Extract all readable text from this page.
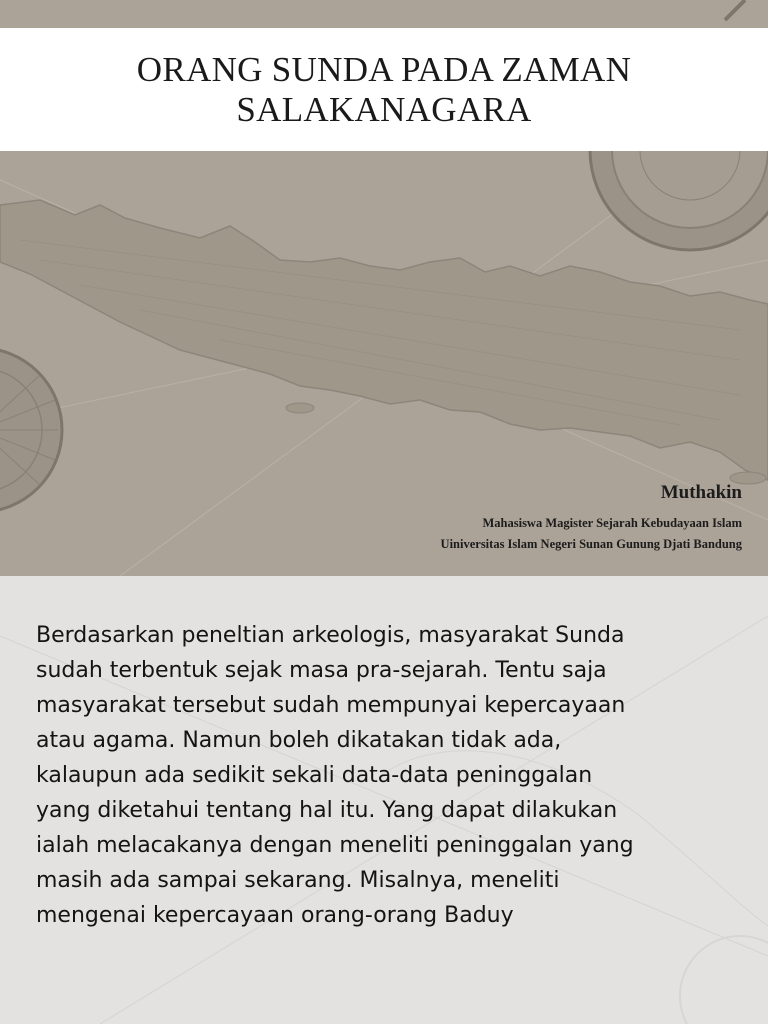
ORANG SUNDA PADA ZAMAN
SALAKANAGARA
Muthakin
Mahasiswa Magister Sejarah Kebudayaan Islam
Uiniversitas Islam Negeri Sunan Gunung Djati Bandung

Berdasarkan peneltian arkeologis, masyarakat Sunda
sudah terbentuk sejak masa pra-sejarah. Tentu saja
masyarakat tersebut sudah mempunyai kepercayaan
atau agama. Namun boleh dikatakan tidak ada,
kalaupun ada sedikit sekali data-data peninggalan
yang diketahui tentang hal itu. Yang dapat dilakukan
ialah melacakanya dengan meneliti peninggalan yang
masih ada sampai sekarang. Misalnya, meneliti
mengenai kepercayaan orang-orang Baduy
